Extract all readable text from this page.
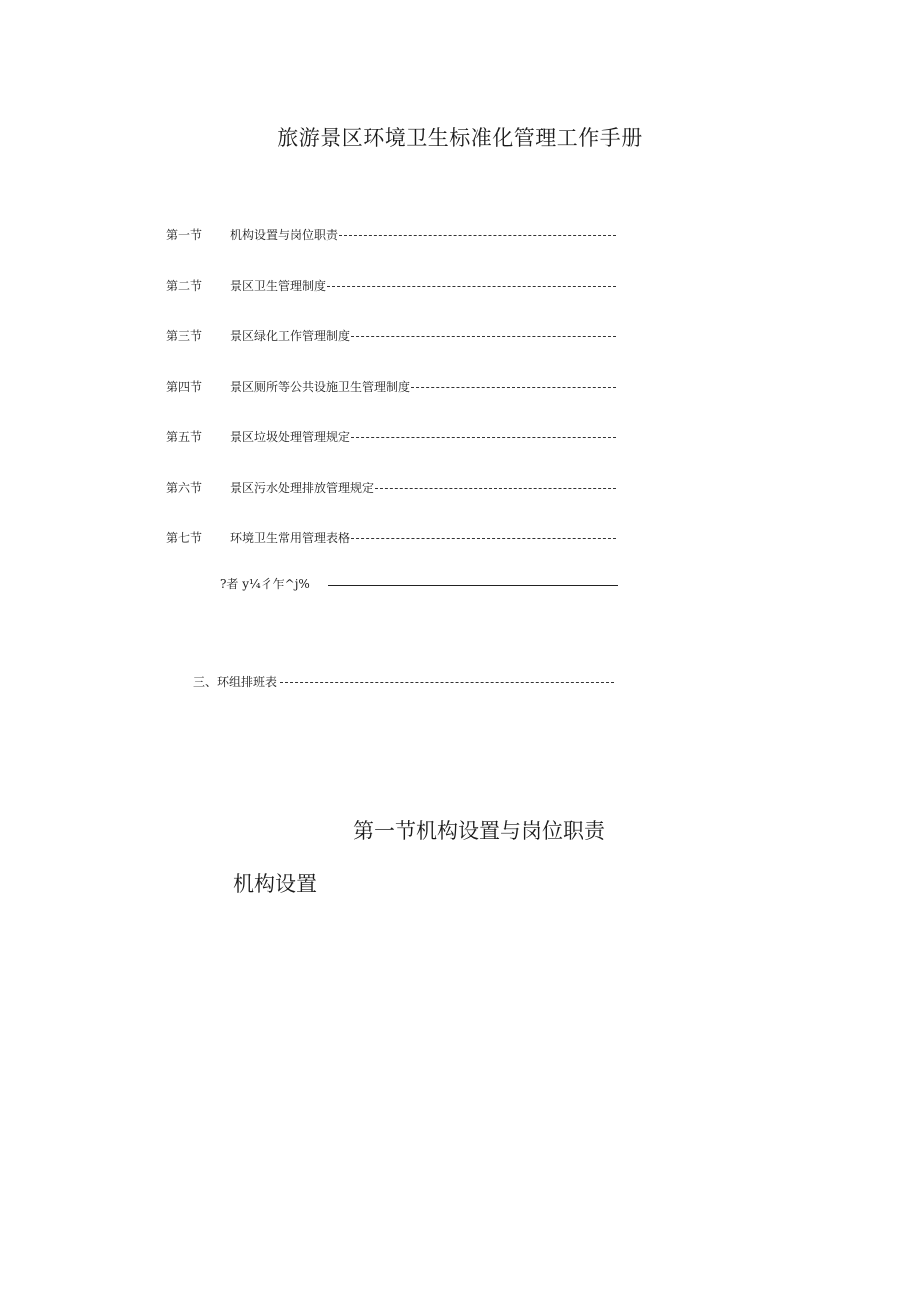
旅游景区环境卫生标准化管理工作手册
第一节	机构设置与岗位职责
第二节	景区卫生管理制度
第三节	景区绿化工作管理制度
第四节	景区厕所等公共设施卫生管理制度
第五节	景区垃圾处理管理规定
第六节	景区污水处理排放管理规定
第七节	环境卫生常用管理表格
?者 y¼彳乍^j%
三、环组排班表
第一节机构设置与岗位职责
机构设置
